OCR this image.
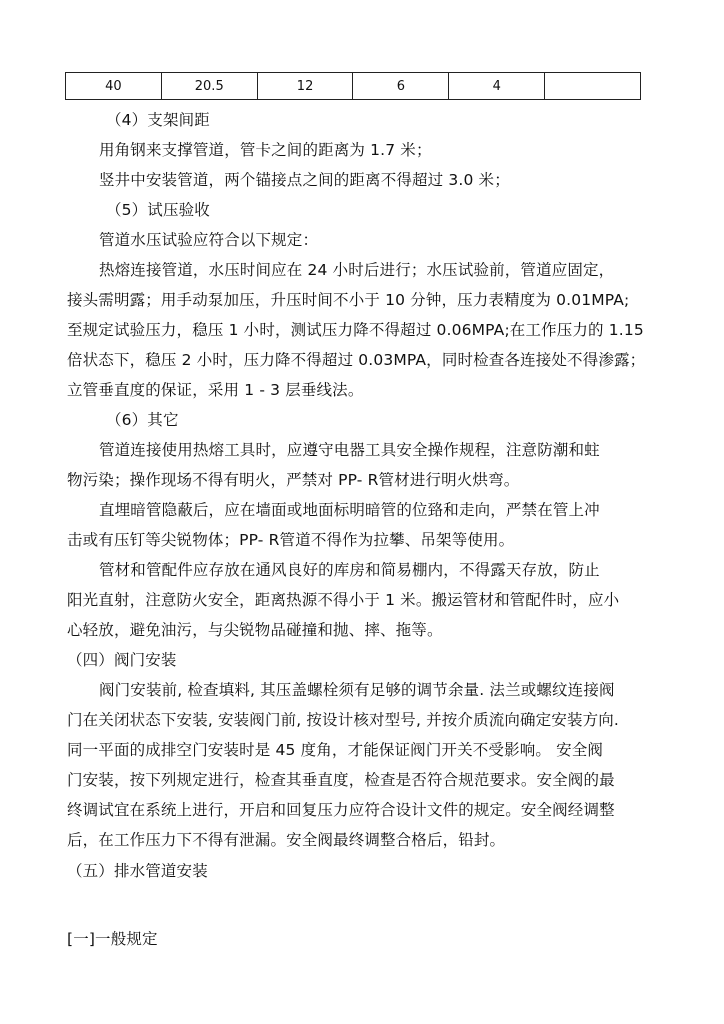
40	20.5	12	6	4	
（4）支架间距
用角钢来支撑管道，管卡之间的距离为 1.7 米；
竖井中安装管道，两个锚接点之间的距离不得超过 3.0 米；
（5）试压验收
管道水压试验应符合以下规定：
热熔连接管道，水压时间应在 24 小时后进行；水压试验前，管道应固定，
接头需明露；用手动泵加压，升压时间不小于 10 分钟，压力表精度为 0.01MPA;
至规定试验压力，稳压 1 小时，测试压力降不得超过 0.06MPA;在工作压力的 1.15
倍状态下，稳压 2 小时，压力降不得超过 0.03MPA，同时检查各连接处不得渗露；
立管垂直度的保证，采用 1 - 3 层垂线法。
（6）其它
管道连接使用热熔工具时，应遵守电器工具安全操作规程，注意防潮和蛀
物污染；操作现场不得有明火，严禁对 PP- R管材进行明火烘弯。
直埋暗管隐蔽后，应在墙面或地面标明暗管的位臵和走向，严禁在管上冲
击或有压钉等尖锐物体；PP- R管道不得作为拉攀、吊架等使用。
管材和管配件应存放在通风良好的库房和简易棚内，不得露天存放，防止
阳光直射，注意防火安全，距离热源不得小于 1 米。搬运管材和管配件时，应小
心轻放，避免油污，与尖锐物品碰撞和抛、摔、拖等。
（四）阀门安装
阀门安装前, 检查填料, 其压盖螺栓须有足够的调节余量. 法兰或螺纹连接阀
门在关闭状态下安装, 安装阀门前, 按设计核对型号, 并按介质流向确定安装方向.
同一平面的成排空门安装时是 45 度角，才能保证阀门开关不受影响。 安全阀
门安装，按下列规定进行，检查其垂直度，检查是否符合规范要求。安全阀的最
终调试宜在系统上进行，开启和回复压力应符合设计文件的规定。安全阀经调整
后，在工作压力下不得有泄漏。安全阀最终调整合格后，铅封。
（五）排水管道安装
[一]一般规定
